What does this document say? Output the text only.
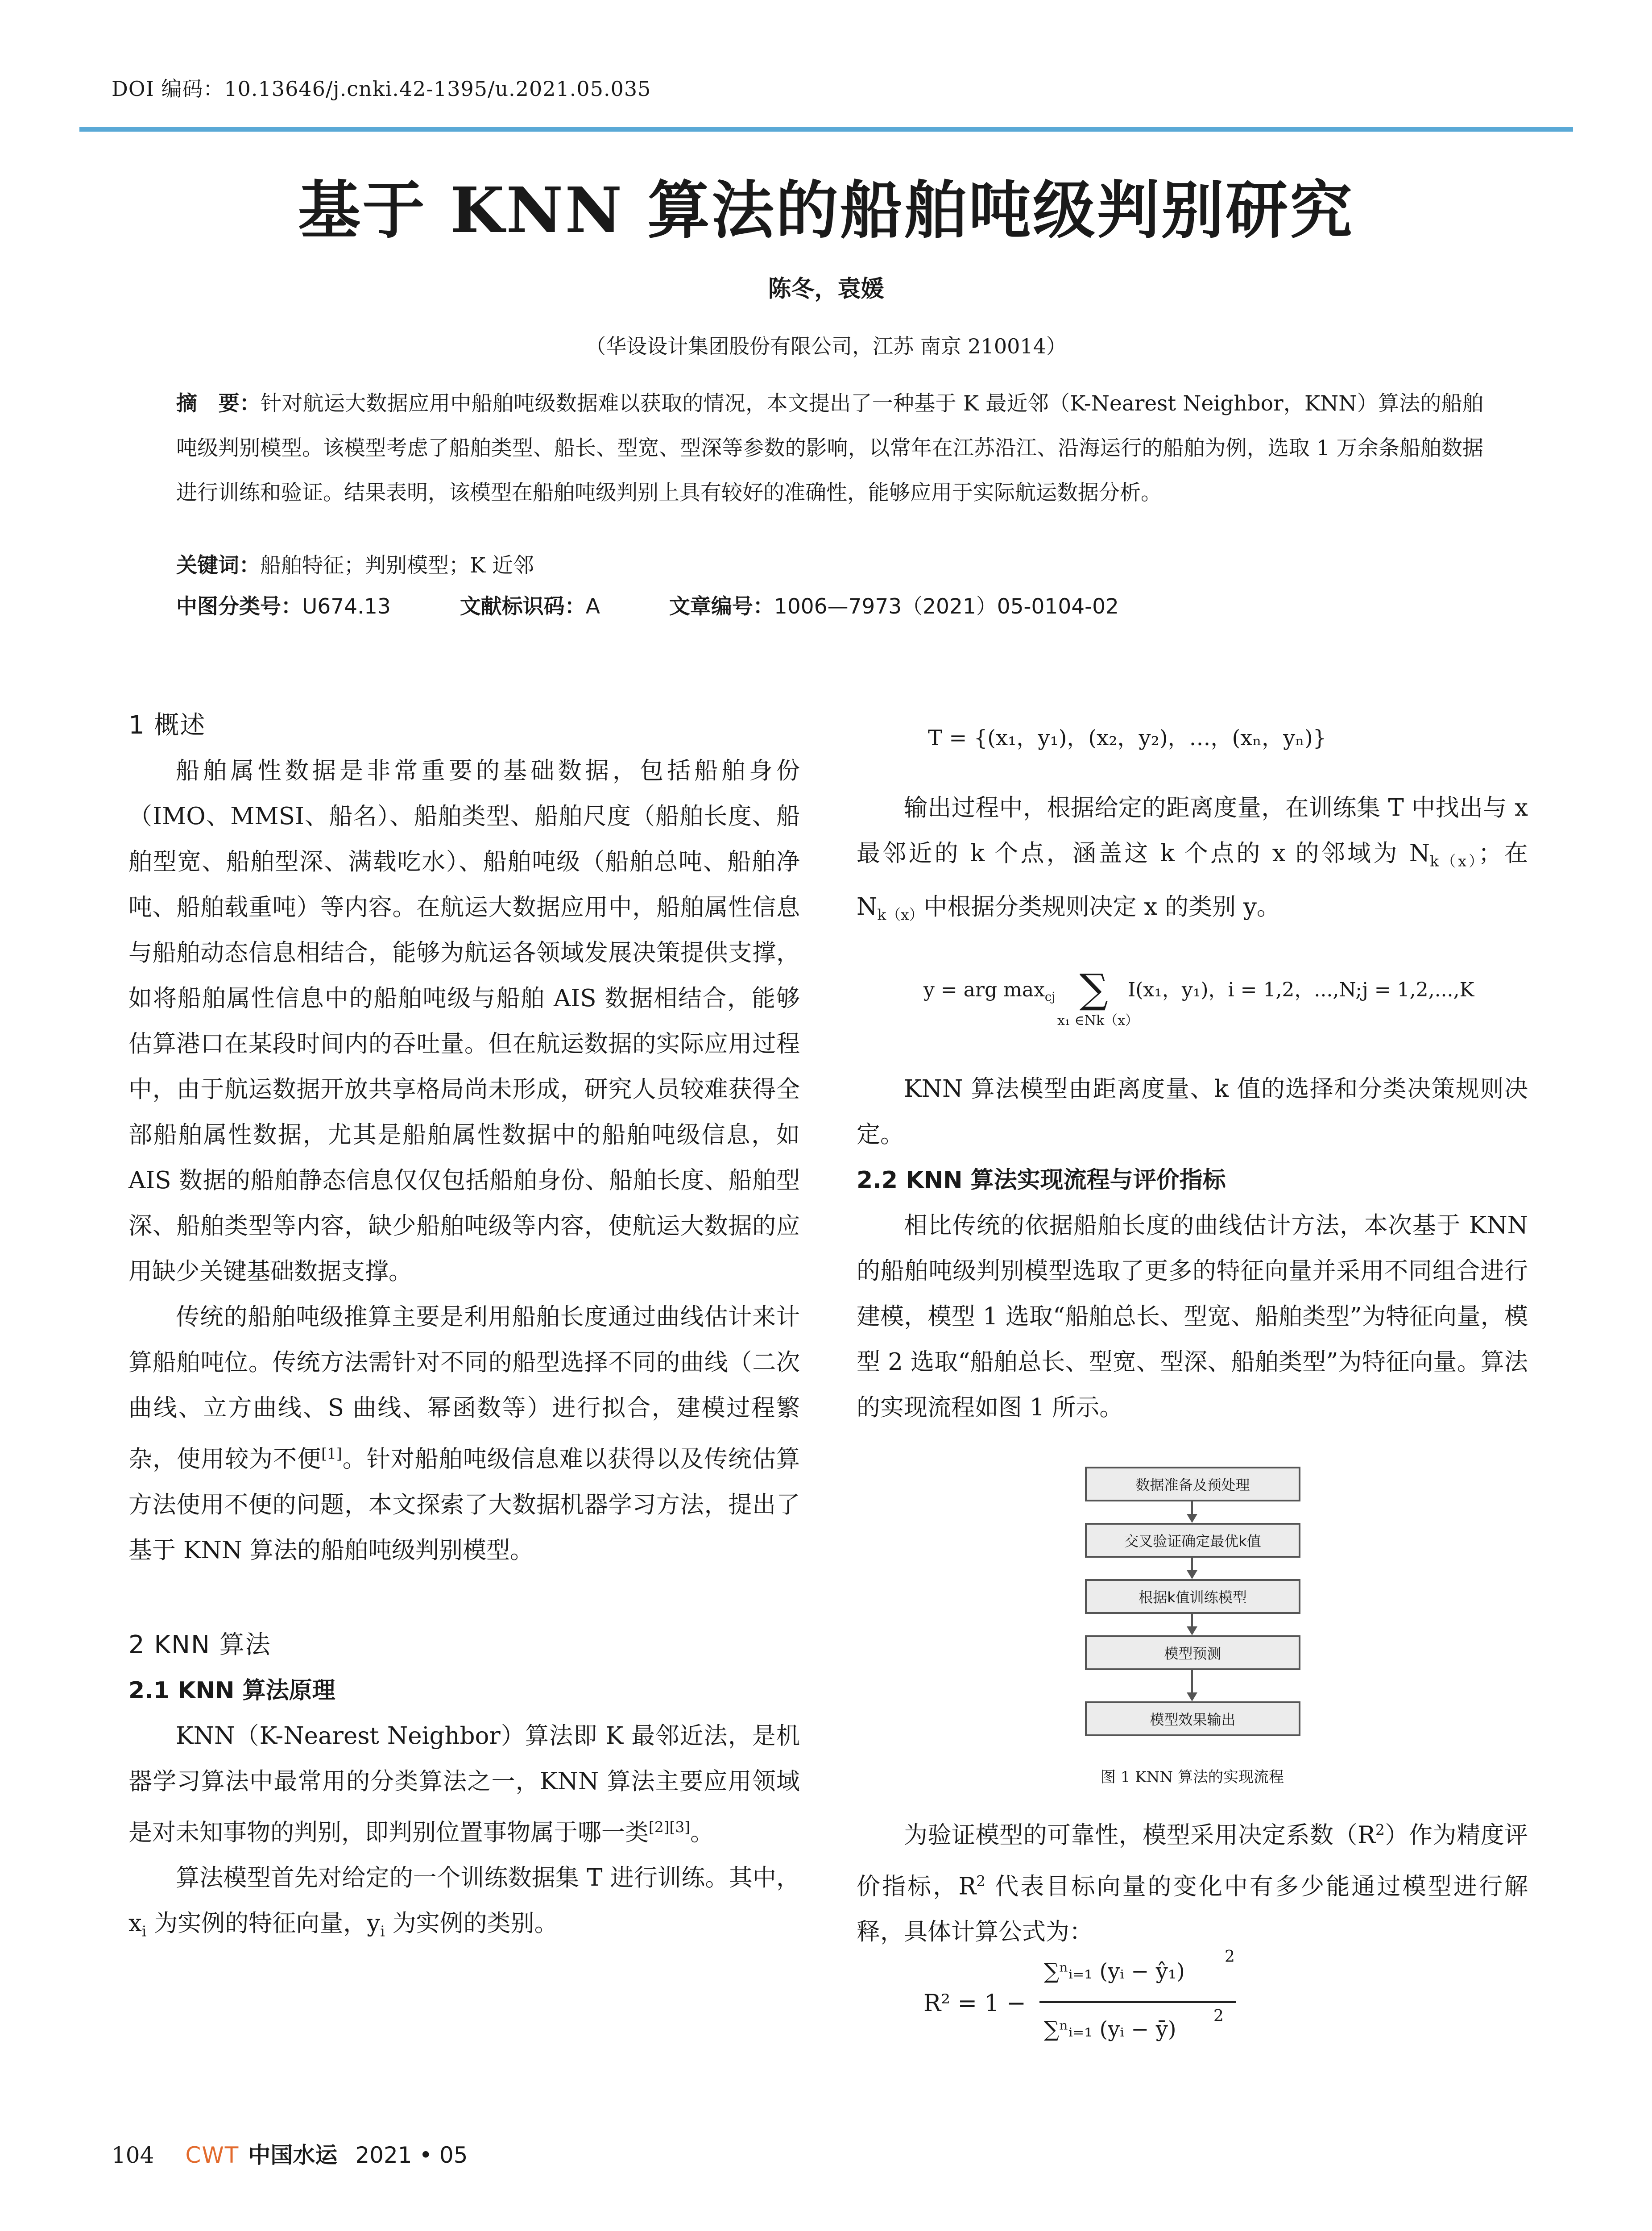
DOI 编码：10.13646/j.cnki.42-1395/u.2021.05.035
基于 KNN 算法的船舶吨级判别研究
陈冬，袁媛
（华设设计集团股份有限公司，江苏 南京 210014）
摘　要：针对航运大数据应用中船舶吨级数据难以获取的情况，本文提出了一种基于 K 最近邻（K-Nearest Neighbor，KNN）算法的船舶吨级判别模型。该模型考虑了船舶类型、船长、型宽、型深等参数的影响，以常年在江苏沿江、沿海运行的船舶为例，选取 1 万余条船舶数据进行训练和验证。结果表明，该模型在船舶吨级判别上具有较好的准确性，能够应用于实际航运数据分析。
关键词：船舶特征；判别模型；K 近邻
中图分类号：U674.13	文献标识码：A	文章编号：1006—7973（2021）05-0104-02
1 概述

船舶属性数据是非常重要的基础数据，包括船舶身份（IMO、MMSI、船名）、船舶类型、船舶尺度（船舶长度、船舶型宽、船舶型深、满载吃水）、船舶吨级（船舶总吨、船舶净吨、船舶载重吨）等内容。在航运大数据应用中，船舶属性信息与船舶动态信息相结合，能够为航运各领域发展决策提供支撑，如将船舶属性信息中的船舶吨级与船舶 AIS 数据相结合，能够估算港口在某段时间内的吞吐量。但在航运数据的实际应用过程中，由于航运数据开放共享格局尚未形成，研究人员较难获得全部船舶属性数据，尤其是船舶属性数据中的船舶吨级信息，如 AIS 数据的船舶静态信息仅仅包括船舶身份、船舶长度、船舶型深、船舶类型等内容，缺少船舶吨级等内容，使航运大数据的应用缺少关键基础数据支撑。

传统的船舶吨级推算主要是利用船舶长度通过曲线估计来计算船舶吨位。传统方法需针对不同的船型选择不同的曲线（二次曲线、立方曲线、S 曲线、幂函数等）进行拟合，建模过程繁杂，使用较为不便[1]。针对船舶吨级信息难以获得以及传统估算方法使用不便的问题，本文探索了大数据机器学习方法，提出了基于 KNN 算法的船舶吨级判别模型。

2 KNN 算法
2.1 KNN 算法原理

KNN（K-Nearest Neighbor）算法即 K 最邻近法，是机器学习算法中最常用的分类算法之一，KNN 算法主要应用领域是对未知事物的判别，即判别位置事物属于哪一类[2][3]。

算法模型首先对给定的一个训练数据集 T 进行训练。其中，$x_i$ 为实例的特征向量，$y_i$ 为实例的类别。

T = {(x₁，y₁)，(x₂，y₂)，…，(xₙ，yₙ)}

输出过程中，根据给定的距离度量，在训练集 T 中找出与 x 最邻近的 k 个点，涵盖这 k 个点的 x 的邻域为 $N_{k(x)}$；在 $N_{k(x)}$中根据分类规则决定 x 的类别 y。

y = arg $\max_{cj}$ ∑ I(x₁，y₁)，i = 1,2，...,N;j = 1,2,...,K
x₁ ∈Nk（x）

KNN 算法模型由距离度量、k 值的选择和分类决策规则决定。

2.2 KNN 算法实现流程与评价指标

相比传统的依据船舶长度的曲线估计方法，本次基于 KNN 的船舶吨级判别模型选取了更多的特征向量并采用不同组合进行建模，模型 1 选取“船舶总长、型宽、船舶类型”为特征向量，模型 2 选取“船舶总长、型宽、型深、船舶类型”为特征向量。算法的实现流程如图 1 所示。

数据准备及预处理
交叉验证确定最优k值
根据k值训练模型
模型预测
模型效果输出
图 1 KNN 算法的实现流程

为验证模型的可靠性，模型采用决定系数$(R^2)$作为精度评价指标，$R^2$ 代表目标向量的变化中有多少能通过模型进行解释，具体计算公式为：

R² = 1 −
∑ⁿᵢ₌₁ (yᵢ − ŷ₁)
2
∑ⁿᵢ₌₁ (yᵢ − ȳ)
2
104 CWT 中国水运 2021 • 05
